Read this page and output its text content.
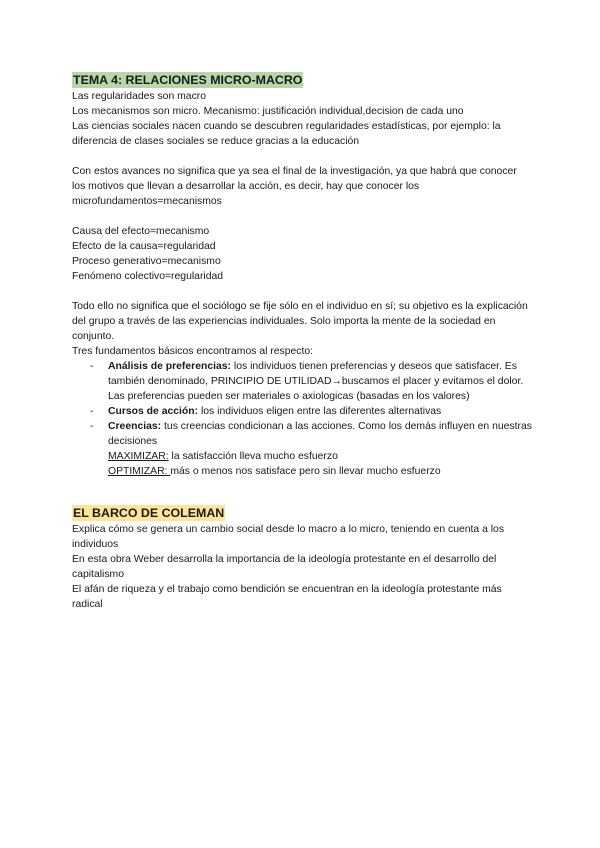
TEMA 4: RELACIONES MICRO-MACRO

Las regularidades son macro

Los mecanismos son micro. Mecanismo: justificación individual,decision de cada uno

Las ciencias sociales nacen cuando se descubren regularidades estadísticas, por ejemplo: la diferencia de clases sociales se reduce gracias a la educación

Con estos avances no significa que ya sea el final de la investigación, ya que habrá que conocer los motivos que llevan a desarrollar la acción, es decir, hay que conocer los microfundamentos=mecanismos

Causa del efecto=mecanismo

Efecto de la causa=regularidad

Proceso generativo=mecanismo

Fenómeno colectivo=regularidad

Todo ello no significa que el sociólogo se fije sólo en el individuo en sí; su objetivo es la explicación del grupo a través de las experiencias individuales. Solo importa la mente de la sociedad en conjunto.

Tres fundamentos básicos encontramos al respecto:

- Análisis de preferencias: los individuos tienen preferencias y deseos que satisfacer. Es también denominado, PRINCIPIO DE UTILIDAD→buscamos el placer y evitamos el dolor.
Las preferencias pueden ser materiales o axiologicas (basadas en los valores)
- Cursos de acción: los individuos eligen entre las diferentes alternativas
- Creencias: tus creencias condicionan a las acciones. Como los demás influyen en nuestras decisiones
MAXIMIZAR: la satisfacción lleva mucho esfuerzo
OPTIMIZAR: más o menos nos satisface pero sin llevar mucho esfuerzo
EL BARCO DE COLEMAN

Explica cómo se genera un cambio social desde lo macro a lo micro, teniendo en cuenta a los individuos

En esta obra Weber desarrolla la importancia de la ideología protestante en el desarrollo del capitalismo

El afán de riqueza y el trabajo como bendición se encuentran en la ideología protestante más radical
